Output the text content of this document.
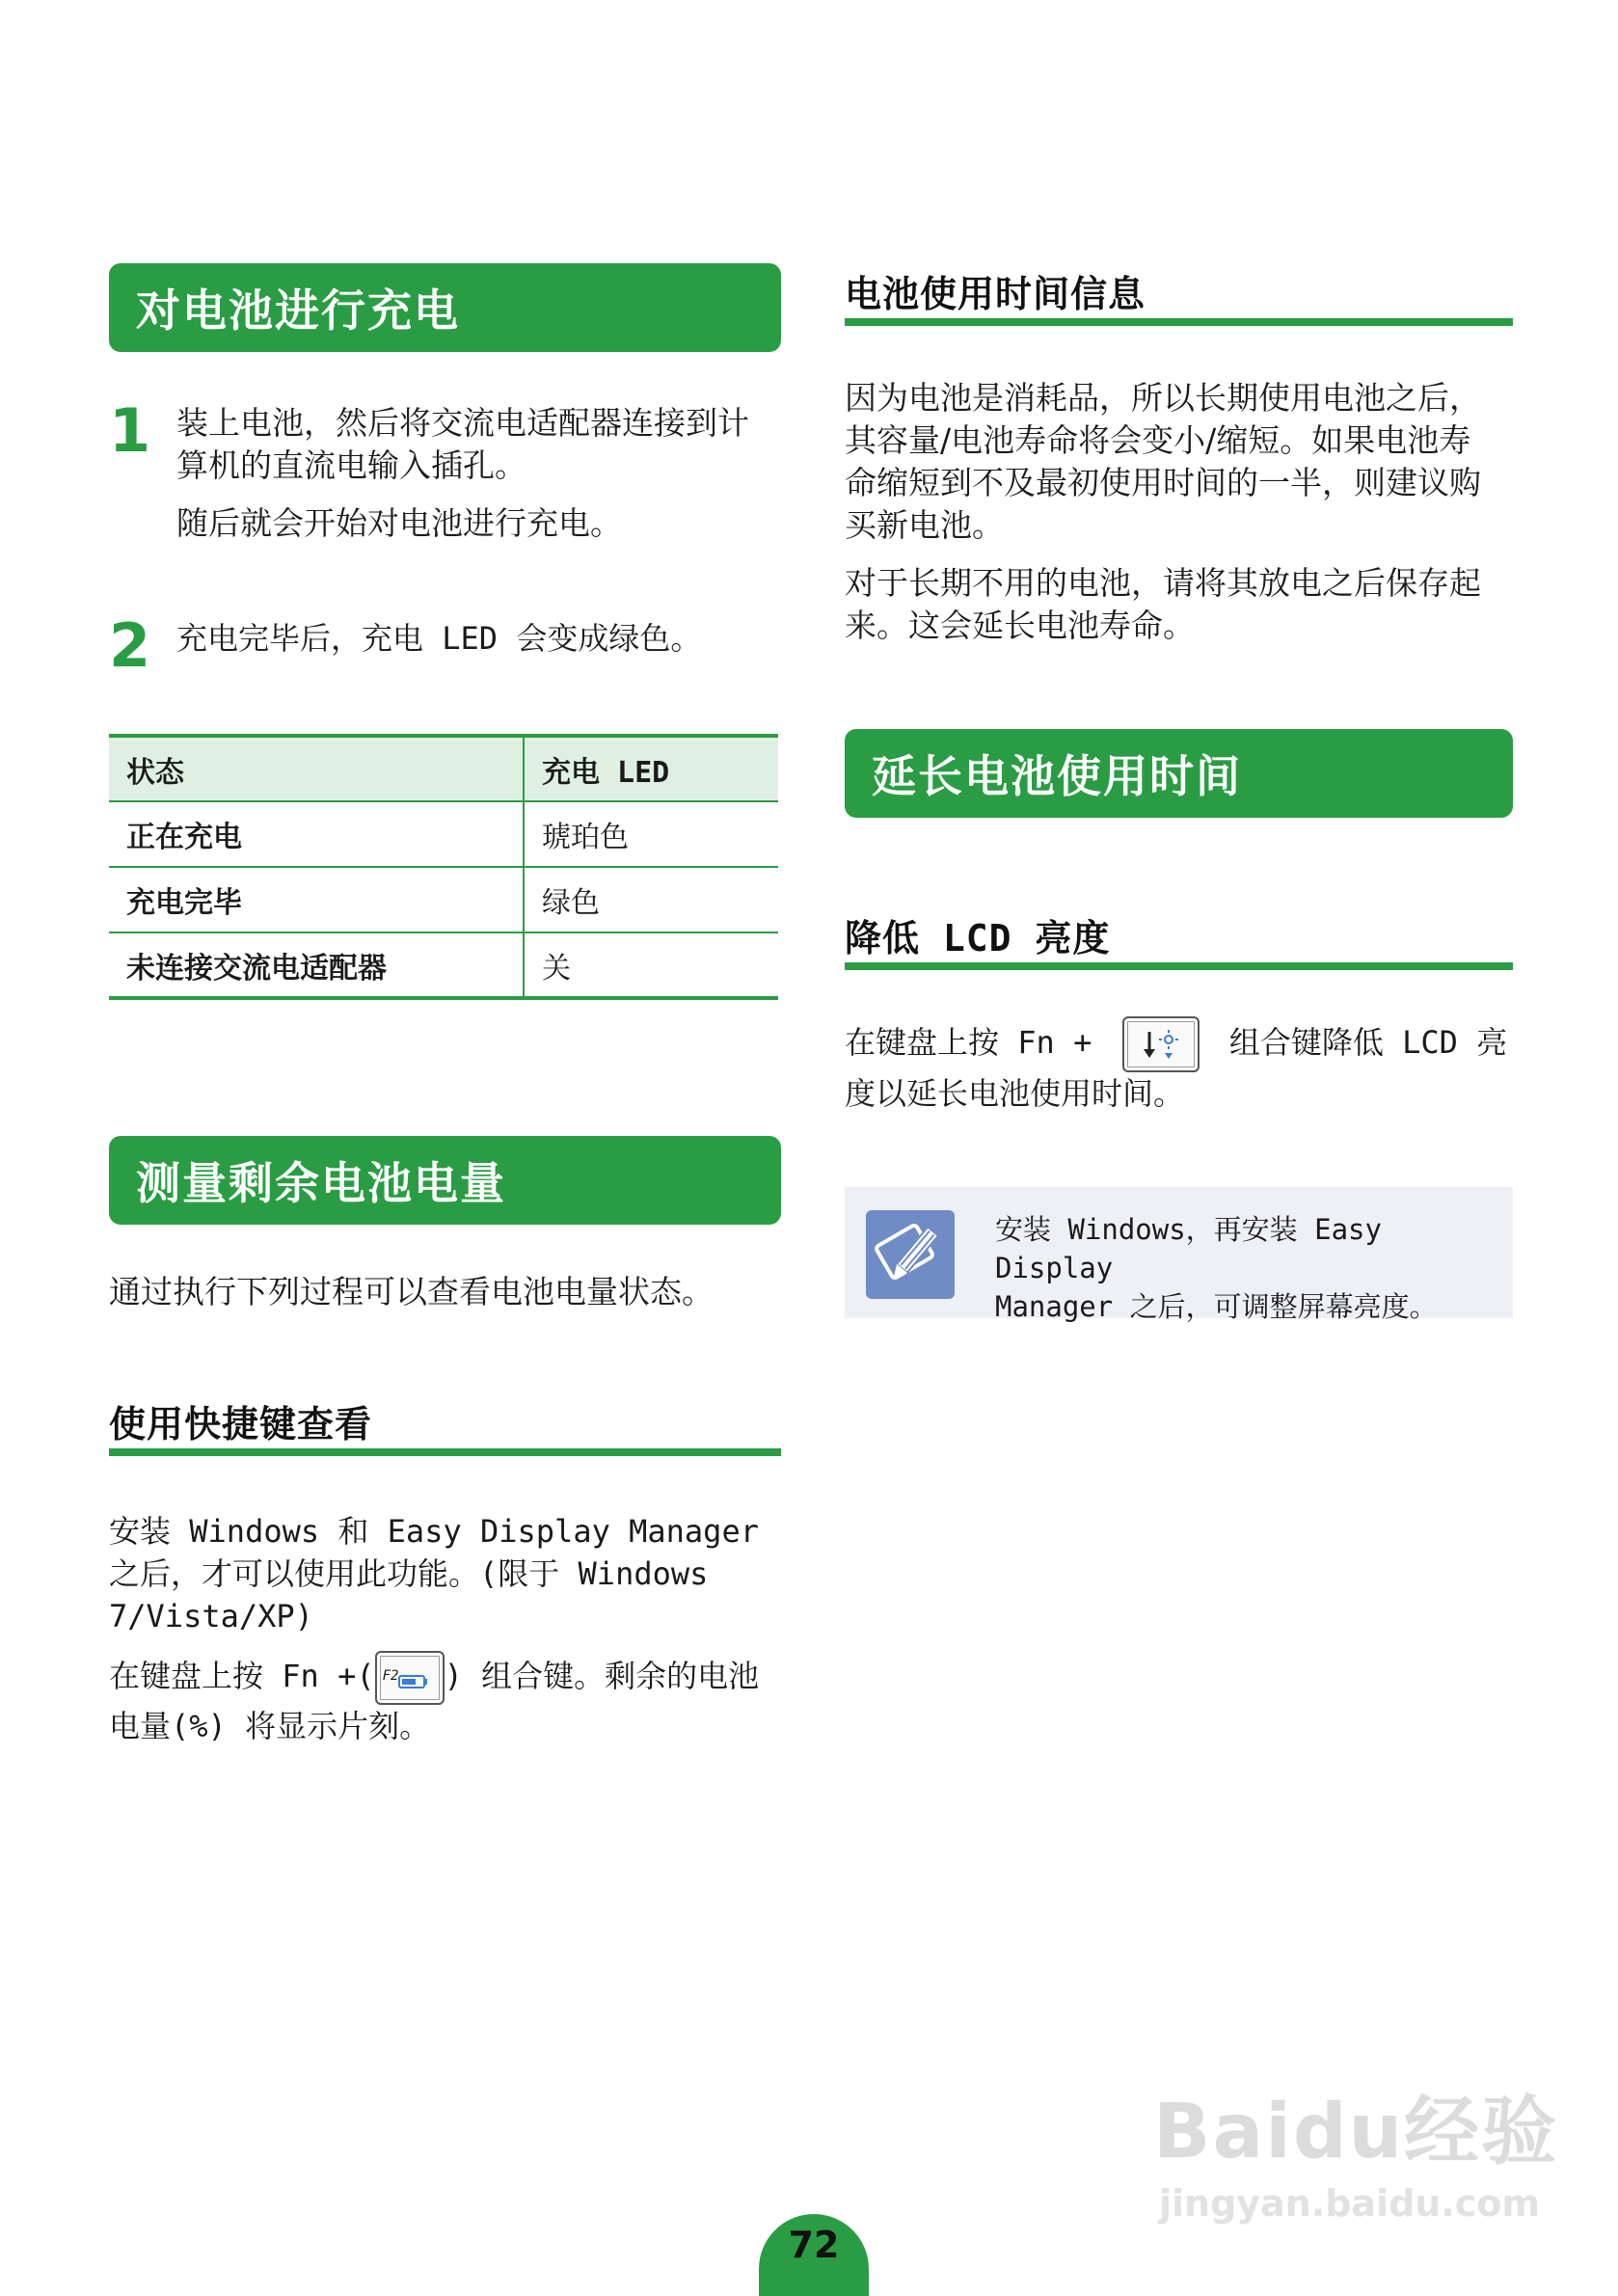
对电池进行充电
1 装上电池，然后将交流电适配器连接到计

算机的直流电输入插孔。

随后就会开始对电池进行充电。

2 充电完毕后，充电 LED 会变成绿色。
状态	充电 LED
正在充电	琥珀色
充电完毕	绿色
未连接交流电适配器	关
测量剩余电池电量
通过执行下列过程可以查看电池电量状态。
使用快捷键查看

安装 Windows 和 Easy Display Manager

之后，才可以使用此功能。(限于 Windows

7/Vista/XP)

在键盘上按 Fn +( F2 ) 组合键。剩余的电池

电量(%) 将显示片刻。

电池使用时间信息

因为电池是消耗品，所以长期使用电池之后，

其容量/电池寿命将会变小/缩短。如果电池寿

命缩短到不及最初使用时间的一半，则建议购

买新电池。

对于长期不用的电池，请将其放电之后保存起

来。这会延长电池寿命。

延长电池使用时间
降低 LCD 亮度

在键盘上按 Fn +	组合键降低 LCD 亮

度以延长电池使用时间。

安装 Windows，再安装 Easy Display
Manager 之后，可调整屏幕亮度。
Baidu经验
jingyan.baidu.com
72
